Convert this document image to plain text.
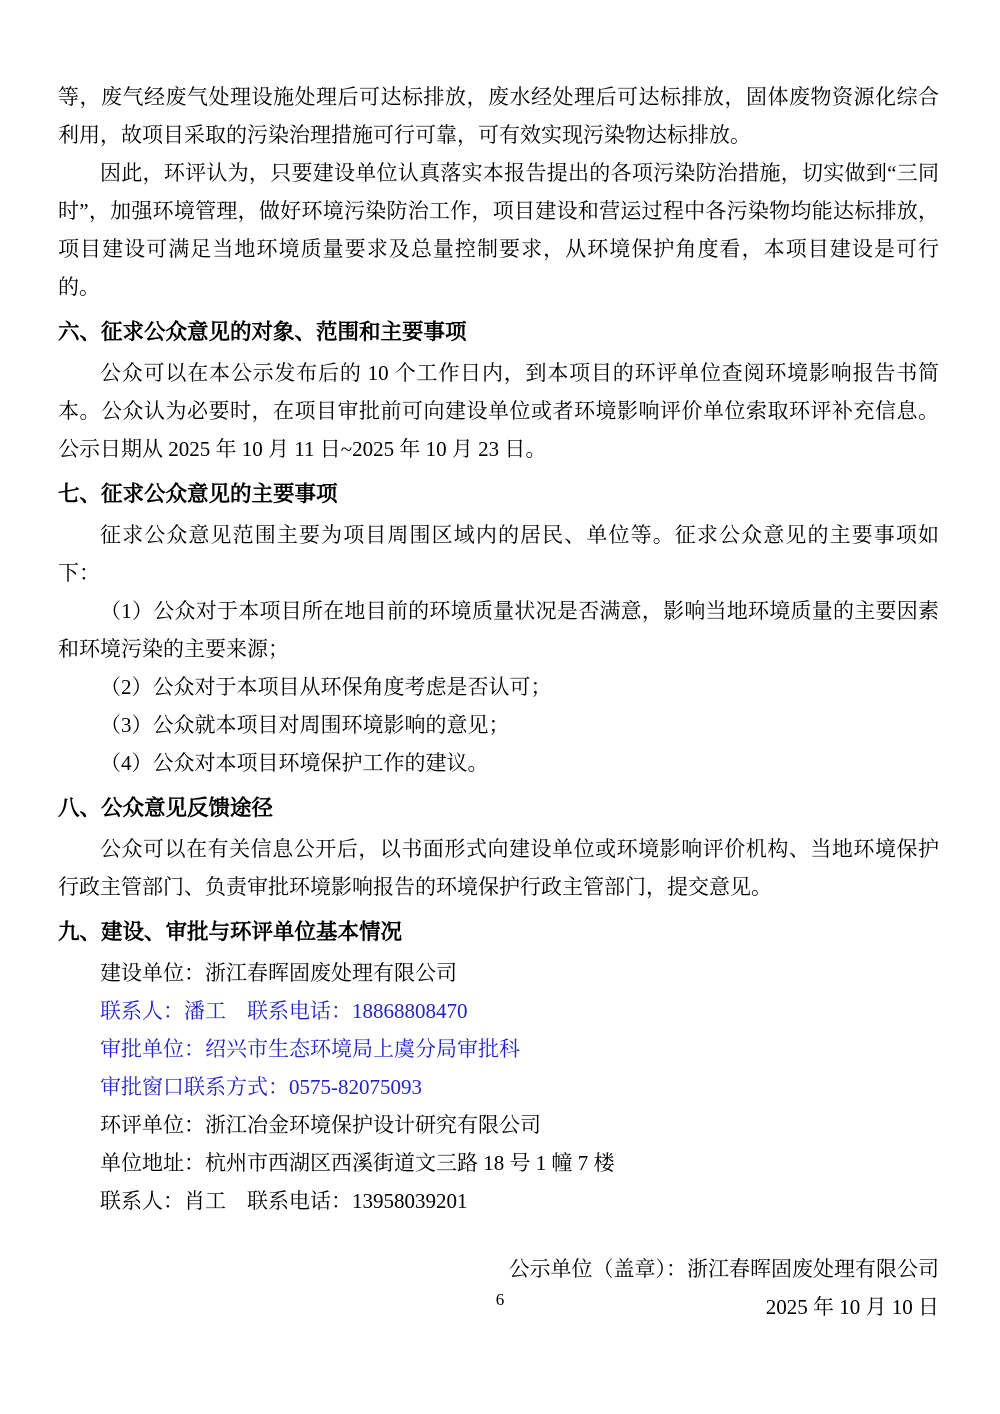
等，废气经废气处理设施处理后可达标排放，废水经处理后可达标排放，固体废物资源化综合利用，故项目采取的污染治理措施可行可靠，可有效实现污染物达标排放。

因此，环评认为，只要建设单位认真落实本报告提出的各项污染防治措施，切实做到“三同时”，加强环境管理，做好环境污染防治工作，项目建设和营运过程中各污染物均能达标排放，项目建设可满足当地环境质量要求及总量控制要求，从环境保护角度看，本项目建设是可行的。

六、征求公众意见的对象、范围和主要事项

公众可以在本公示发布后的 10 个工作日内，到本项目的环评单位查阅环境影响报告书简本。公众认为必要时，在项目审批前可向建设单位或者环境影响评价单位索取环评补充信息。公示日期从 2025 年 10 月 11 日~2025 年 10 月 23 日。

七、征求公众意见的主要事项

征求公众意见范围主要为项目周围区域内的居民、单位等。征求公众意见的主要事项如下：

（1）公众对于本项目所在地目前的环境质量状况是否满意，影响当地环境质量的主要因素和环境污染的主要来源；

（2）公众对于本项目从环保角度考虑是否认可；

（3）公众就本项目对周围环境影响的意见；

（4）公众对本项目环境保护工作的建议。

八、公众意见反馈途径

公众可以在有关信息公开后，以书面形式向建设单位或环境影响评价机构、当地环境保护行政主管部门、负责审批环境影响报告的环境保护行政主管部门，提交意见。

九、建设、审批与环评单位基本情况

建设单位：浙江春晖固废处理有限公司

联系人：潘工　联系电话：18868808470

审批单位：绍兴市生态环境局上虞分局审批科

审批窗口联系方式：0575-82075093

环评单位：浙江冶金环境保护设计研究有限公司

单位地址：杭州市西湖区西溪街道文三路 18 号 1 幢 7 楼

联系人：肖工　联系电话：13958039201

公示单位（盖章）：浙江春晖固废处理有限公司

2025 年 10 月 10 日

6
